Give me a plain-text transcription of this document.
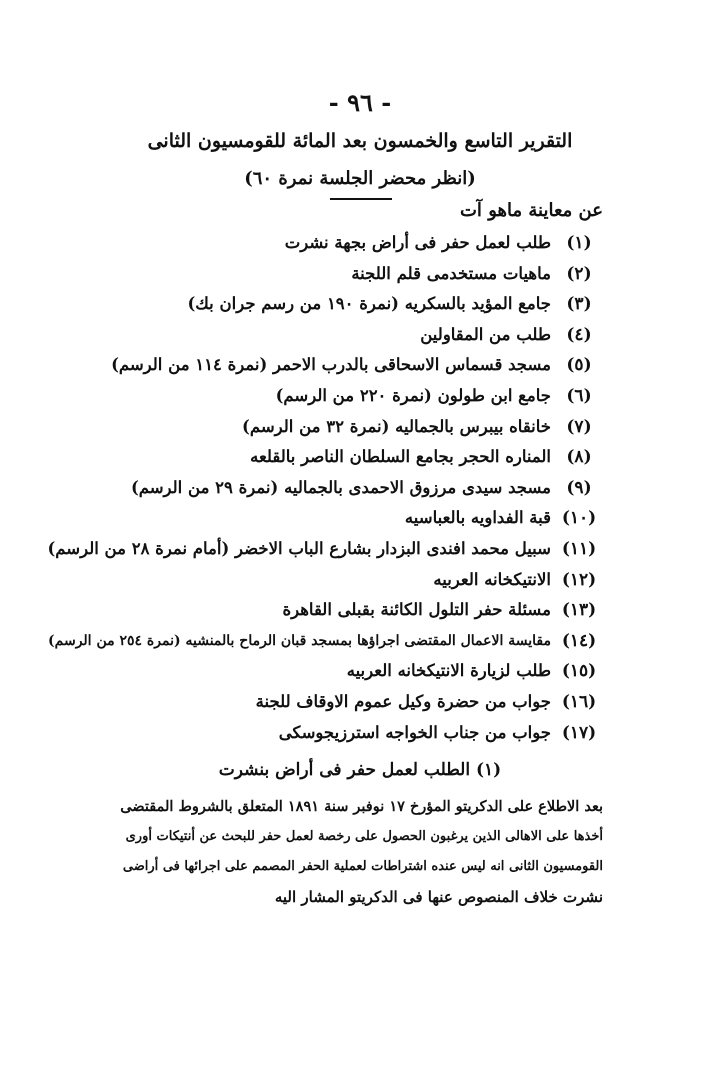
- ٩٦ -
التقرير التاسع والخمسون بعد المائة للقومسيون الثانى
(انظر محضر الجلسة نمرة ٦٠)
عن معاينة ماهو آت
(١)
طلب لعمل حفر فى أراض بجهة نشرت
(٢)
ماهيات مستخدمى قلم اللجنة
(٣)
جامع المؤيد بالسكريه (نمرة ١٩٠ من رسم جران بك)
(٤)
طلب من المقاولين
(٥)
مسجد قسماس الاسحاقى بالدرب الاحمر (نمرة ١١٤ من الرسم)
(٦)
جامع ابن طولون (نمرة ٢٢٠ من الرسم)
(٧)
خانقاه بيبرس بالجماليه (نمرة ٣٢ من الرسم)
(٨)
المناره الحجر بجامع السلطان الناصر بالقلعه
(٩)
مسجد سيدى مرزوق الاحمدى بالجماليه (نمرة ٢٩ من الرسم)
(١٠)
قبة الفداويه بالعباسيه
(١١)
سبيل محمد افندى البزدار بشارع الباب الاخضر (أمام نمرة ٢٨ من الرسم)
(١٢)
الانتيكخانه العربيه
(١٣)
مسئلة حفر التلول الكائنة بقبلى القاهرة
(١٤)
مقايسة الاعمال المقتضى اجراؤها بمسجد قبان الرماح بالمنشيه (نمرة ٢٥٤ من الرسم)
(١٥)
طلب لزيارة الانتيكخانه العربيه
(١٦)
جواب من حضرة وكيل عموم الاوقاف للجنة
(١٧)
جواب من جناب الخواجه استرزيجوسكى
(١) الطلب لعمل حفر فى أراض بنشرت
بعد الاطلاع على الدكريتو المؤرخ ١٧ نوفبر سنة ١٨٩١ المتعلق بالشروط المقتضى
أخذها على الاهالى الذين يرغبون الحصول على رخصة لعمل حفر للبحث عن أنتيكات أورى
القومسيون الثانى انه ليس عنده اشتراطات لعملية الحفر المصمم على اجرائها فى أراضى
نشرت خلاف المنصوص عنها فى الدكريتو المشار اليه
